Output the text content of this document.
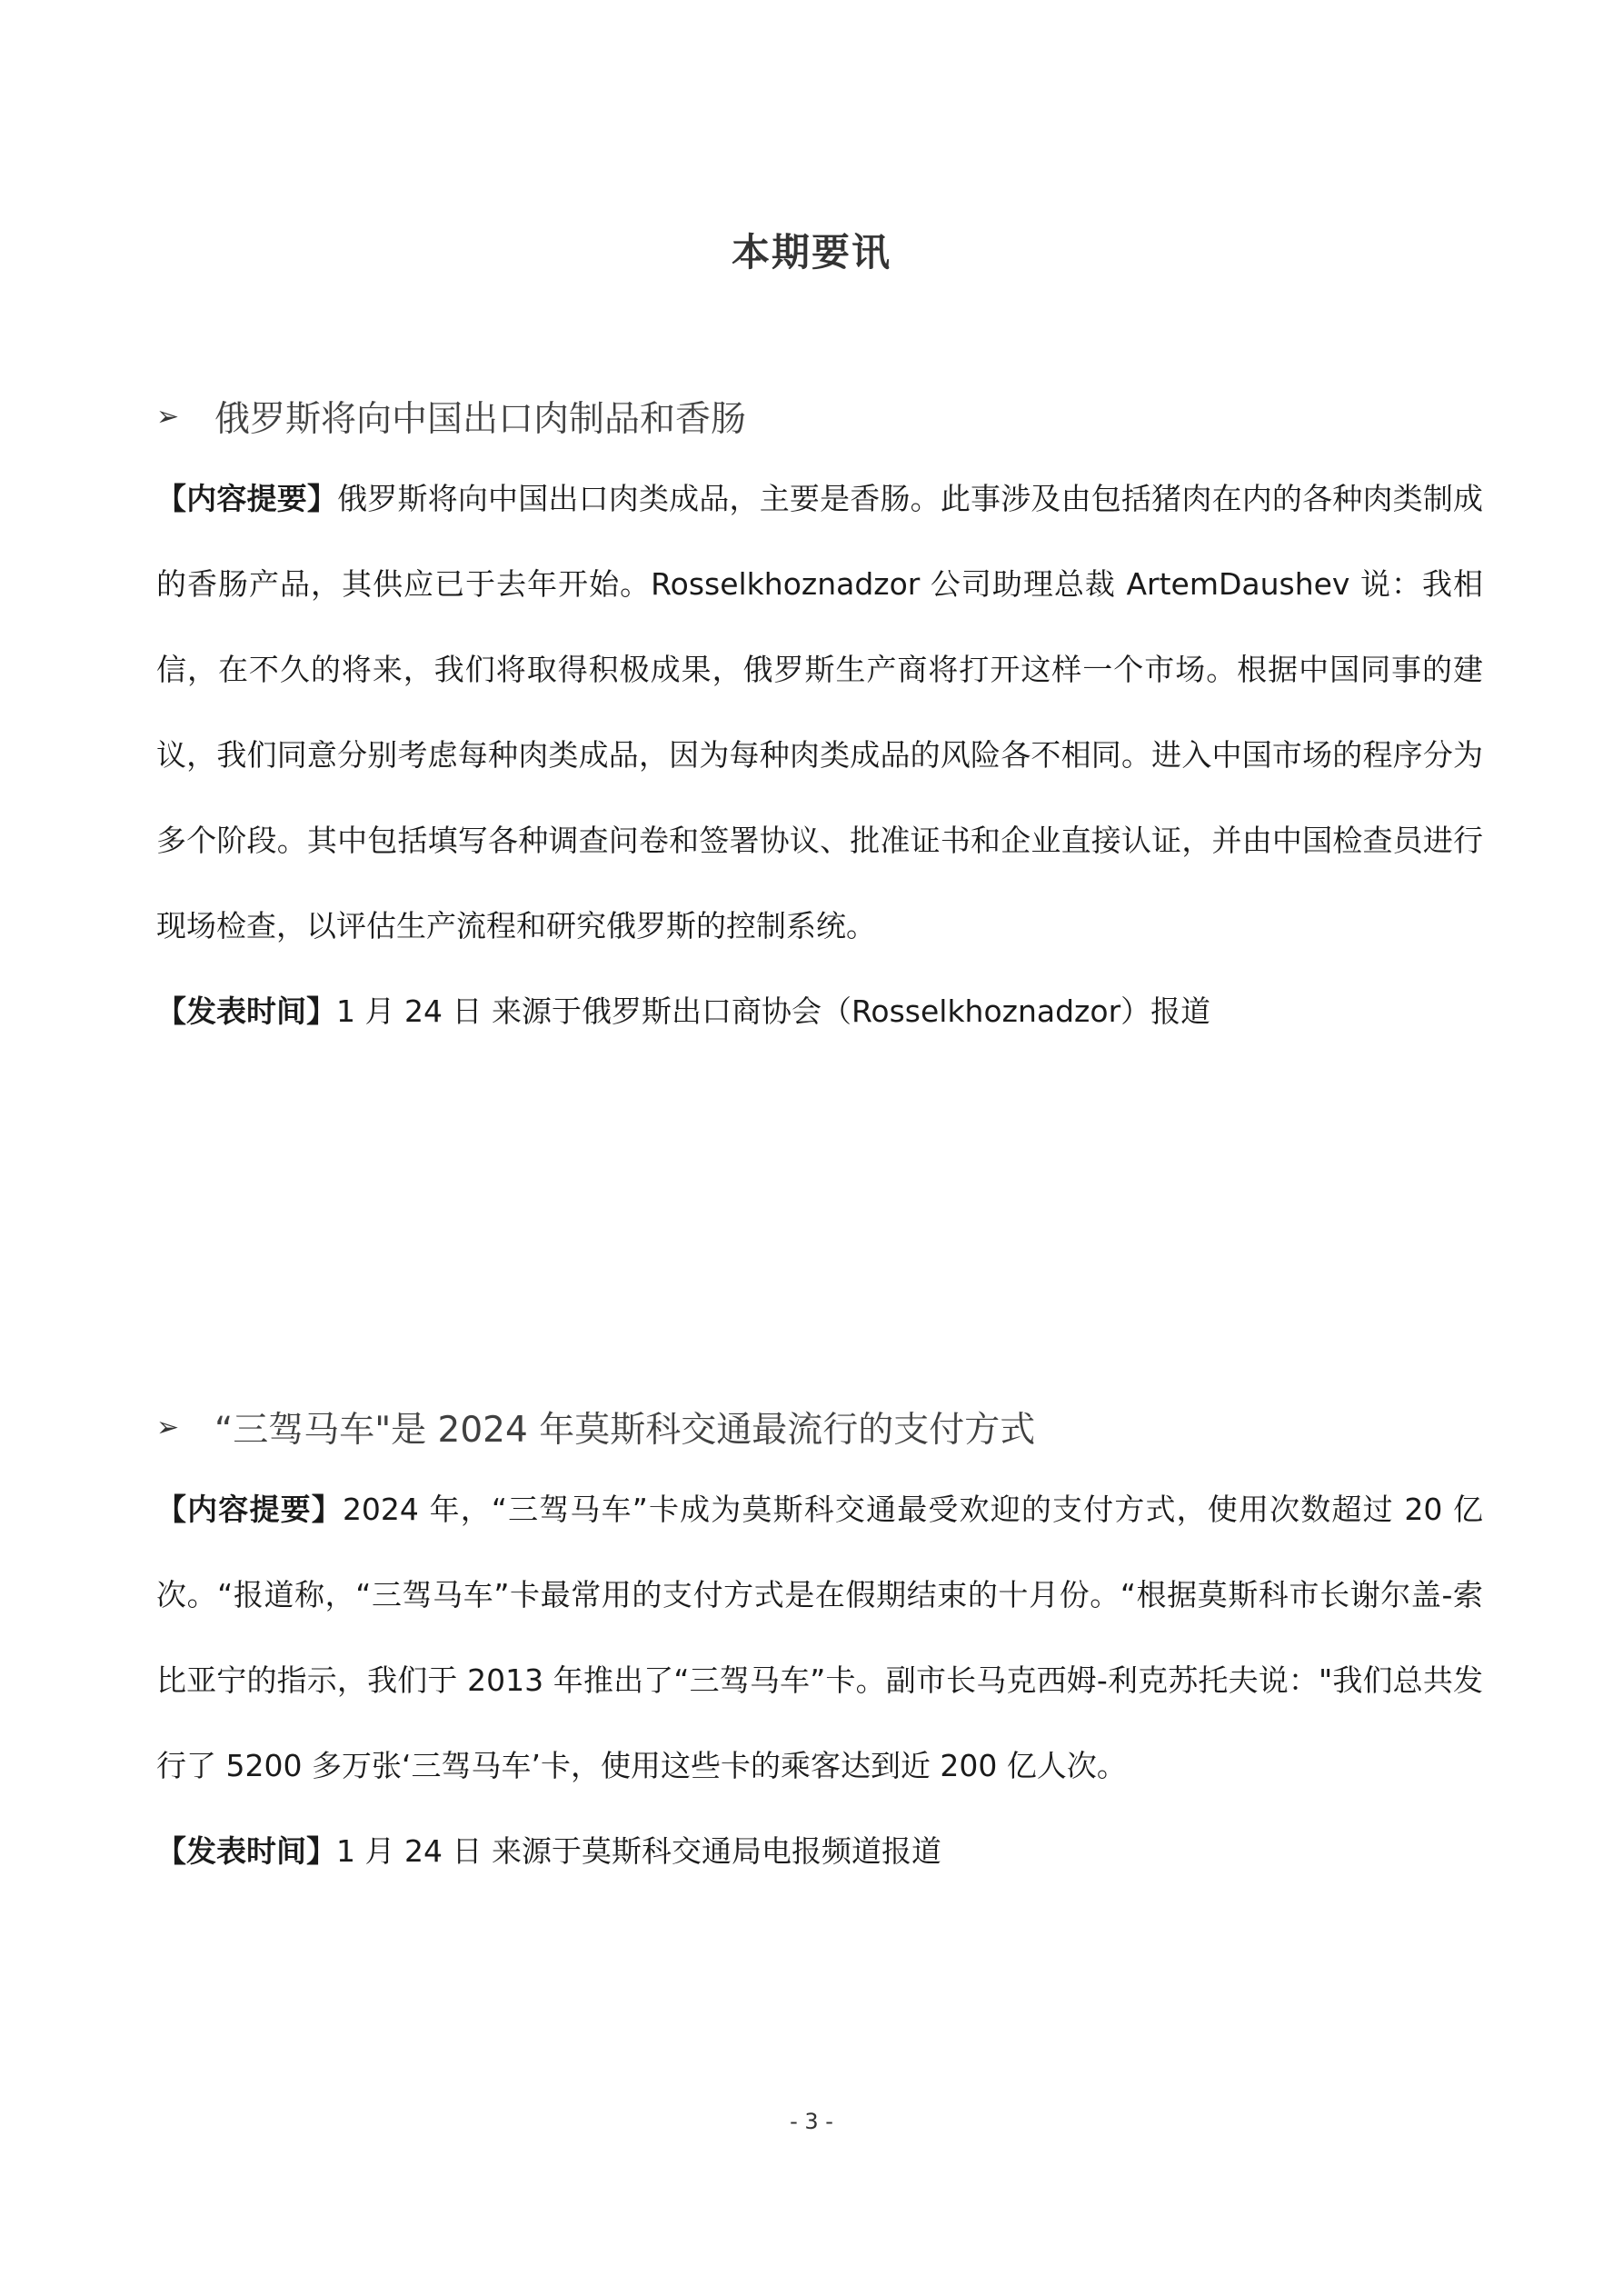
本期要讯
➢ 俄罗斯将向中国出口肉制品和香肠

【内容提要】俄罗斯将向中国出口肉类成品，主要是香肠。此事涉及由包括猪肉在内的各种肉类制成的香肠产品，其供应已于去年开始。Rosselkhoznadzor 公司助理总裁 ArtemDaushev 说：我相信，在不久的将来，我们将取得积极成果，俄罗斯生产商将打开这样一个市场。根据中国同事的建议，我们同意分别考虑每种肉类成品，因为每种肉类成品的风险各不相同。进入中国市场的程序分为多个阶段。其中包括填写各种调查问卷和签署协议、批准证书和企业直接认证，并由中国检查员进行现场检查，以评估生产流程和研究俄罗斯的控制系统。

【发表时间】1 月 24 日 来源于俄罗斯出口商协会（Rosselkhoznadzor）报道

➢ “三驾马车"是 2024 年莫斯科交通最流行的支付方式

【内容提要】2024 年，“三驾马车”卡成为莫斯科交通最受欢迎的支付方式，使用次数超过 20 亿次。“报道称，“三驾马车”卡最常用的支付方式是在假期结束的十月份。“根据莫斯科市长谢尔盖-索比亚宁的指示，我们于 2013 年推出了“三驾马车”卡。副市长马克西姆-利克苏托夫说："我们总共发行了 5200 多万张‘三驾马车’卡，使用这些卡的乘客达到近 200 亿人次。

【发表时间】1 月 24 日 来源于莫斯科交通局电报频道报道

- 3 -
